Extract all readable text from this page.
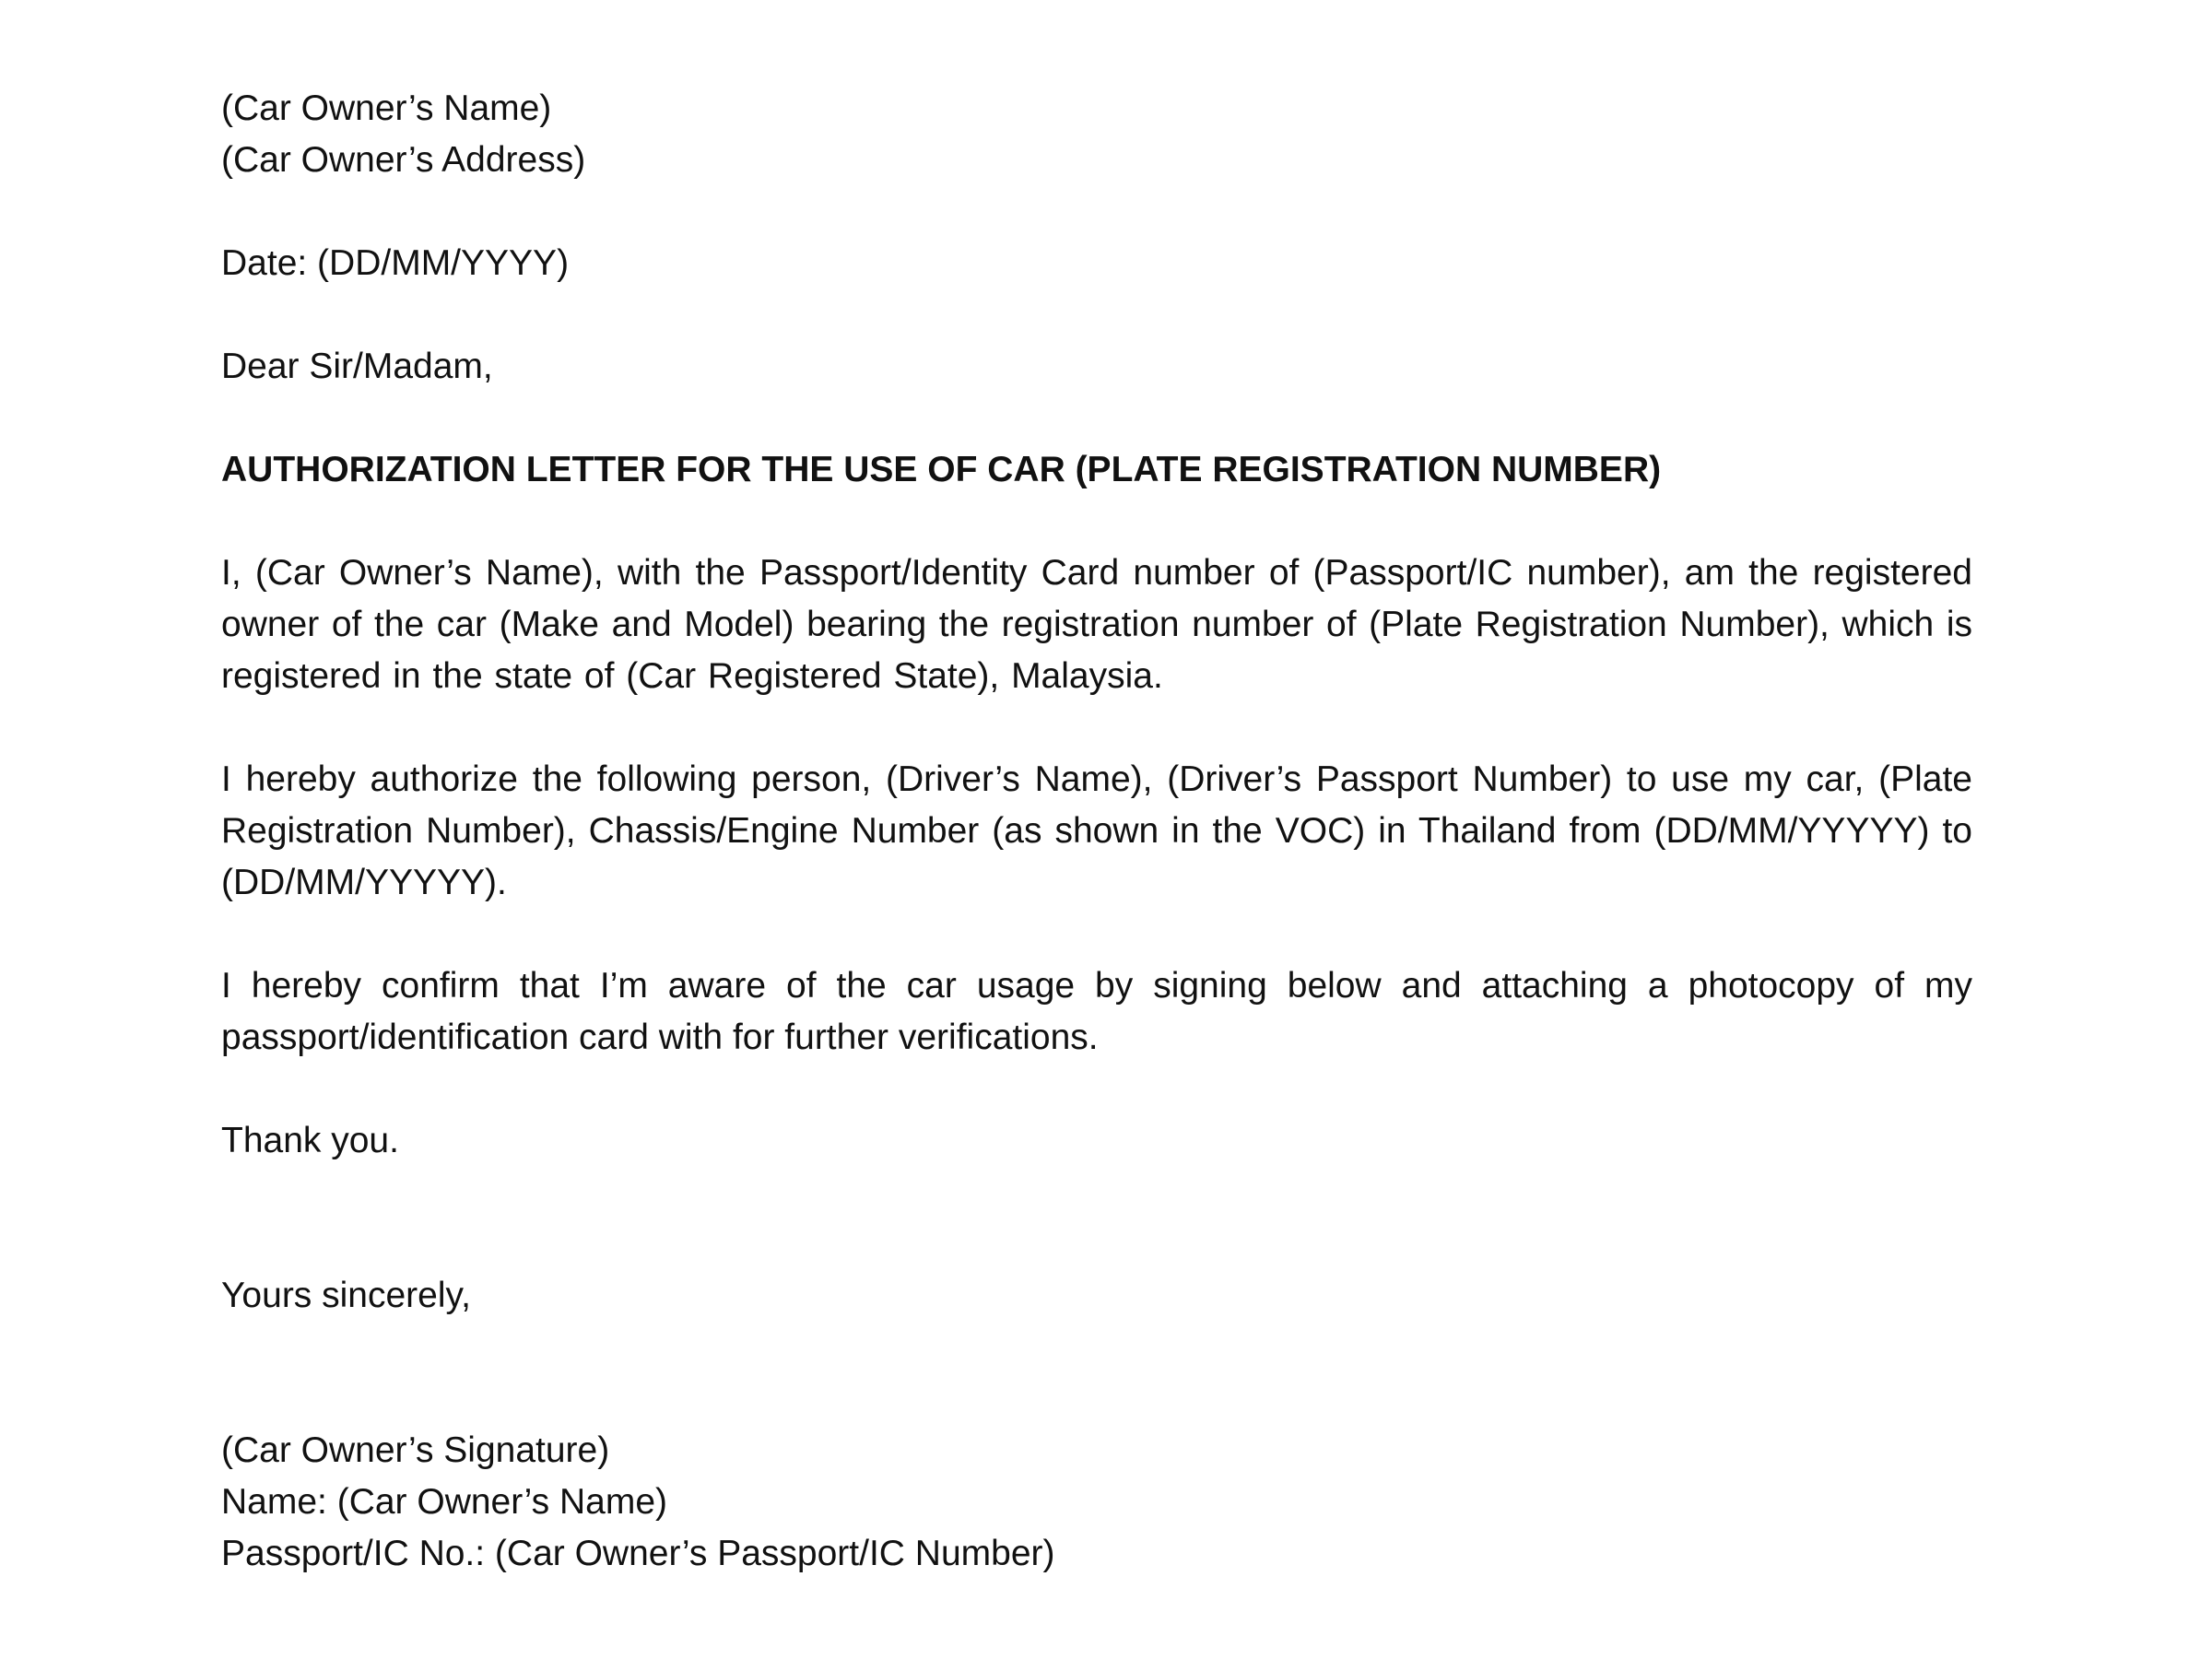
(Car Owner’s Name)
(Car Owner’s Address)
Date: (DD/MM/YYYY)
Dear Sir/Madam,
AUTHORIZATION LETTER FOR THE USE OF CAR (PLATE REGISTRATION NUMBER)

I, (Car Owner’s Name), with the Passport/Identity Card number of (Passport/IC number), am the registered owner of the car (Make and Model) bearing the registration number of (Plate Registration Number), which is registered in the state of (Car Registered State), Malaysia.

I hereby authorize the following person, (Driver’s Name), (Driver’s Passport Number) to use my car, (Plate Registration Number), Chassis/Engine Number (as shown in the VOC) in Thailand from (DD/MM/YYYYY) to (DD/MM/YYYYY).

I hereby confirm that I’m aware of the car usage by signing below and attaching a photocopy of my passport/identification card with for further verifications.

Thank you.
Yours sincerely,
(Car Owner’s Signature)
Name: (Car Owner’s Name)
Passport/IC No.: (Car Owner’s Passport/IC Number)
